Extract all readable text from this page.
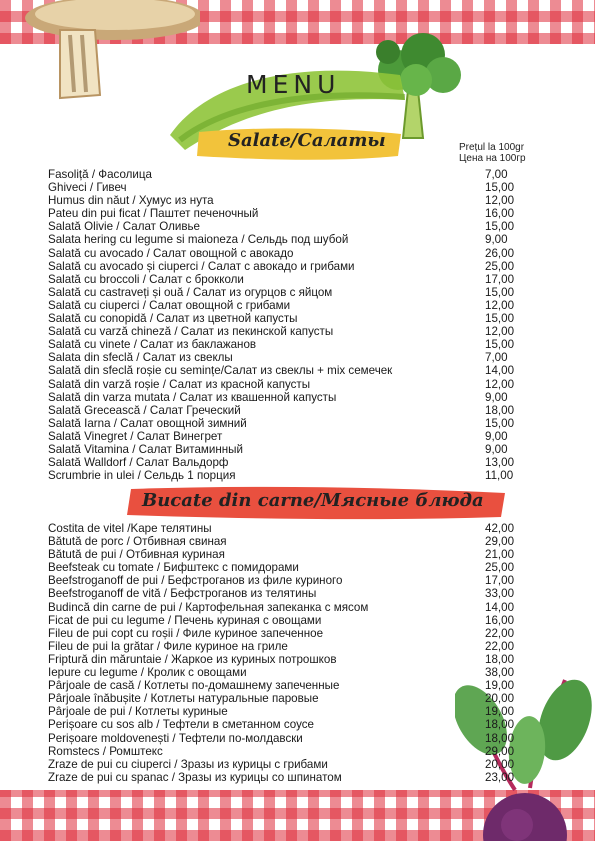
MENU
Salate/Салаты	Prețul la 100gr
Цена на 100гр
Fasoliță / Фасолица	7,00
Ghiveci / Гивеч	15,00
Humus din năut / Хумус из нута	12,00
Pateu din pui ficat / Паштет печеночный	16,00
Salată Olivie / Салат Оливье	15,00
Salata hering cu legume si maioneza / Сельдь под шубой	9,00
Salată cu avocado / Салат овощной с авокадо	26,00
Salată cu avocado și ciuperci / Салат с авокадо и грибами	25,00
Salată cu broccoli / Салат с брокколи	17,00
Salată cu castraveți și ouă / Салат из огурцов с яйцом	15,00
Salată cu ciuperci / Салат овощной с грибами	12,00
Salată cu conopidă / Салат из цветной капусты	15,00
Salată cu varză chineză / Салат из пекинской капусты	12,00
Salată cu vinete / Салат из баклажанов	15,00
Salata din sfeclă / Салат из свеклы	7,00
Salată din sfeclă roșie cu semințe/Салат из свеклы + mix семечек	14,00
Salată din varză roșie / Салат из красной капусты	12,00
Salată din varza mutata / Салат из квашенной капусты	9,00
Salată Grecească / Салат Греческий	18,00
Salată Iarna / Салат овощной зимний	15,00
Salată Vinegret / Салат Винегрет	9,00
Salată Vitamina / Салат Витаминный	9,00
Salată Walldorf / Салат Вальдорф	13,00
Scrumbrie in ulei / Сельдь 1 порция	11,00
Bucate din carne/Мясные блюда
Costita de vitel /Kаре телятины	42,00
Bătută de porc / Отбивная свиная	29,00
Bătută de pui / Отбивная куриная	21,00
Beefsteak cu tomate / Бифштекс с помидорами	25,00
Beefstroganoff de pui / Бефстроганов из филе куриного	17,00
Beefstroganoff de vită / Бефстроганов из телятины	33,00
Budincă din carne de pui / Картофельная запеканка с мясом	14,00
Ficat de pui cu legume / Печень куриная с овощами	16,00
Fileu de pui copt cu roșii / Филе куриное запеченное	22,00
Fileu de pui la grătar / Филе куриное на гриле	22,00
Friptură din măruntaie / Жаркое из куриных потрошков	18,00
Iepure cu legume / Кролик с овощами	38,00
Pârjoale de casă / Котлеты по-домашнему запеченные	19,00
Pârjoale înăbușite / Котлеты натуральные паровые	20,00
Pârjoale de pui / Котлеты куриные	19,00
Perișoare cu sos alb / Тефтели в сметанном соусе	18,00
Perișoare moldovenești / Тефтели по-молдавски	18,00
Romstecs / Ромштекс	29,00
Zraze de pui cu ciuperci / Зразы из курицы с грибами	20,00
Zraze de pui cu spanac / Зразы из курицы со шпинатом	23,00
